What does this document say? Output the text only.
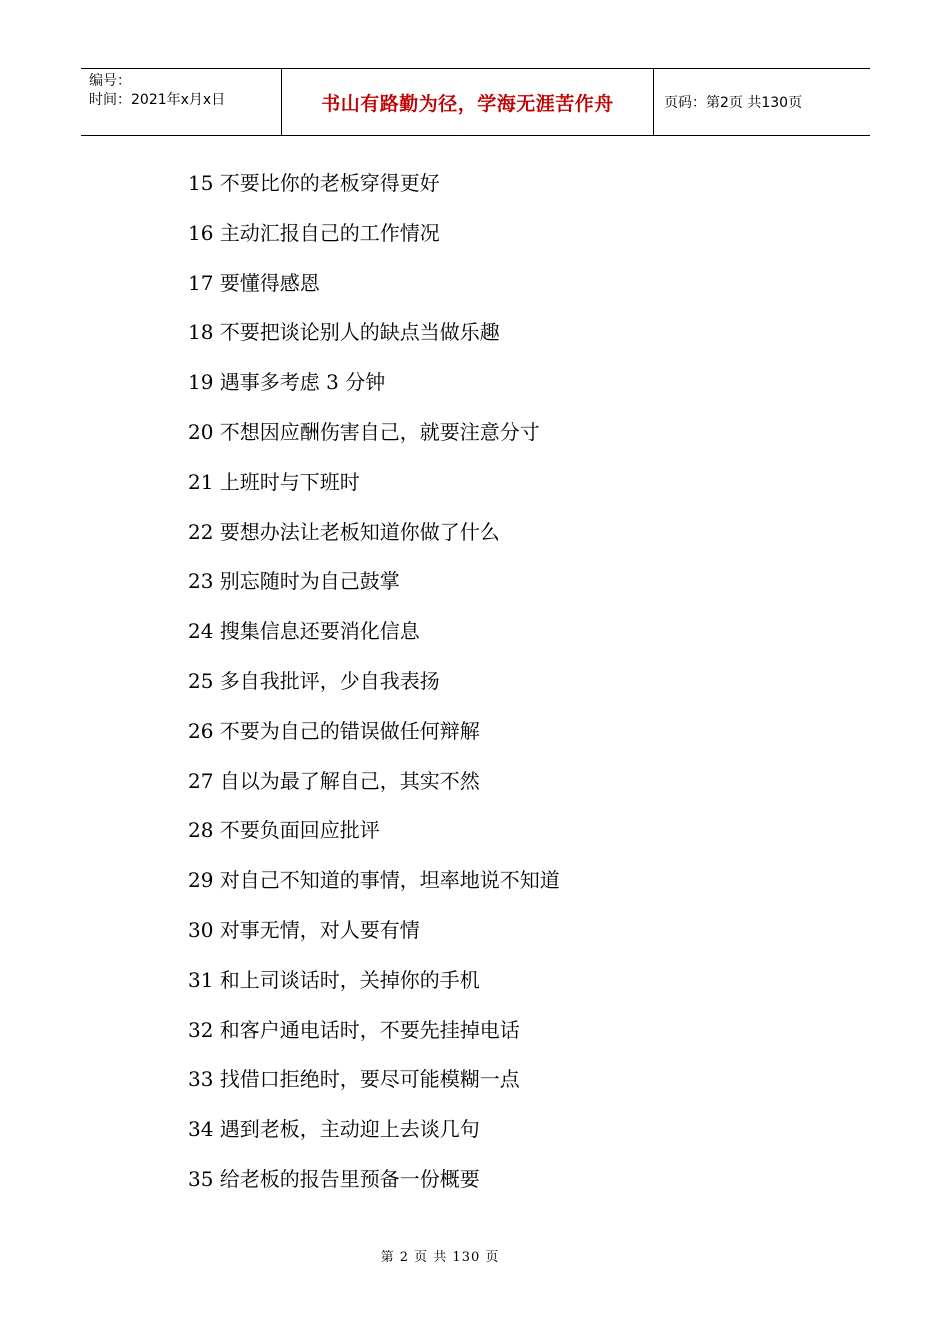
编号：
时间：2021年x月x日	书山有路勤为径，学海无涯苦作舟	页码：第2页 共130页
15 不要比你的老板穿得更好
16 主动汇报自己的工作情况
17 要懂得感恩
18 不要把谈论别人的缺点当做乐趣
19 遇事多考虑 3 分钟
20 不想因应酬伤害自己，就要注意分寸
21 上班时与下班时
22 要想办法让老板知道你做了什么
23 别忘随时为自己鼓掌
24 搜集信息还要消化信息
25 多自我批评，少自我表扬
26 不要为自己的错误做任何辩解
27 自以为最了解自己，其实不然
28 不要负面回应批评
29 对自己不知道的事情，坦率地说不知道
30 对事无情，对人要有情
31 和上司谈话时，关掉你的手机
32 和客户通电话时，不要先挂掉电话
33 找借口拒绝时，要尽可能模糊一点
34 遇到老板，主动迎上去谈几句
35 给老板的报告里预备一份概要
第 2 页 共 130 页
